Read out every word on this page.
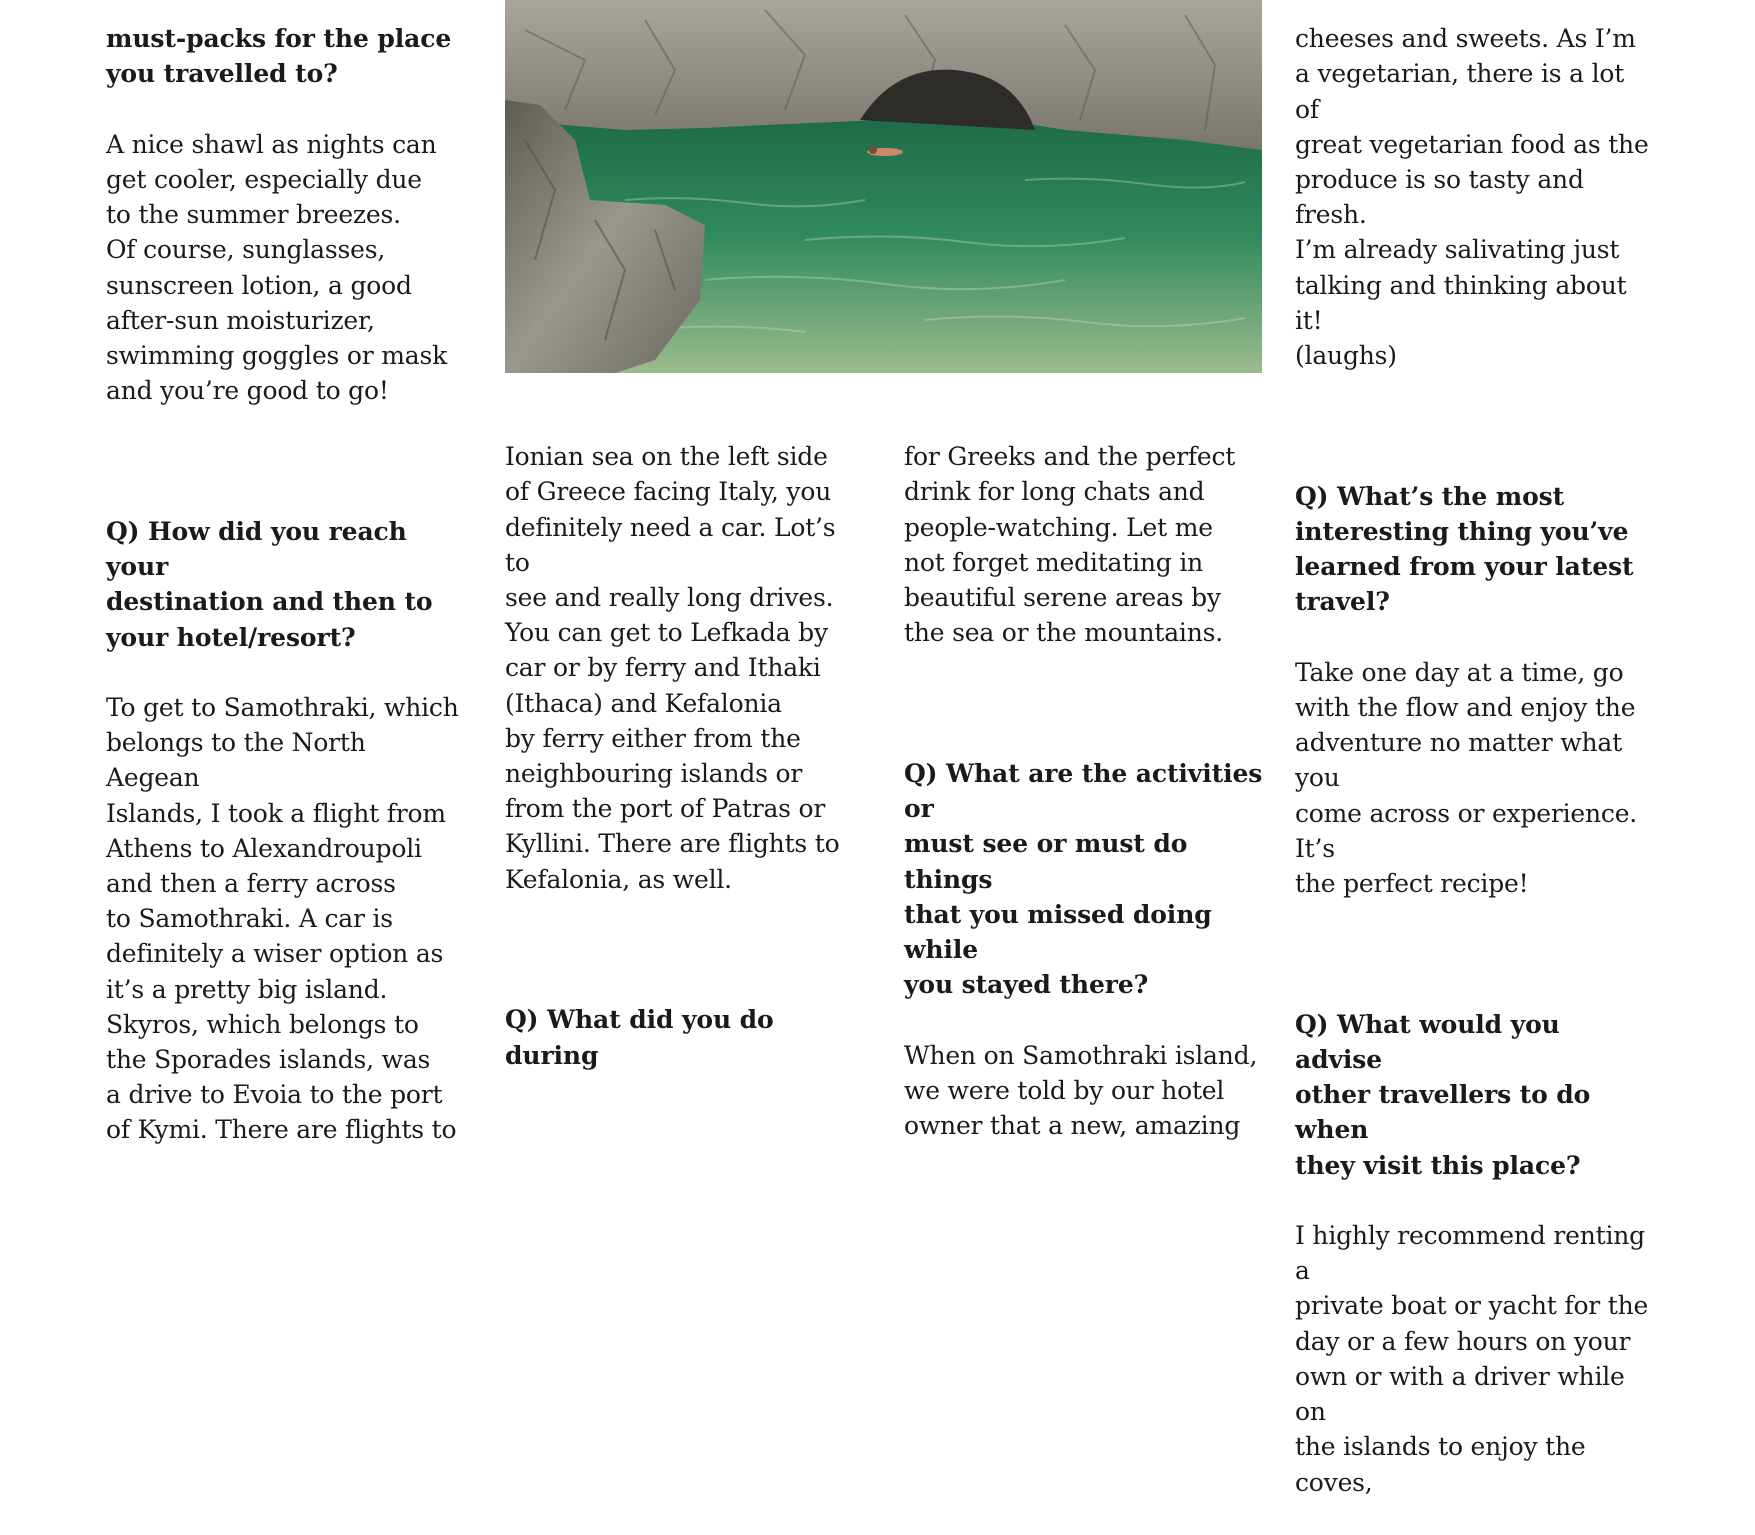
must-packs for the place
you travelled to?

A nice shawl as nights can
get cooler, especially due
to the summer breezes.
Of course, sunglasses,
sunscreen lotion, a good
after-sun moisturizer,
swimming goggles or mask
and you’re good to go!

Q) How did you reach your
destination and then to
your hotel/resort?

To get to Samothraki, which
belongs to the North Aegean
Islands, I took a flight from
Athens to Alexandroupoli
and then a ferry across
to Samothraki. A car is
definitely a wiser option as
it’s a pretty big island.
Skyros, which belongs to
the Sporades islands, was
a drive to Evoia to the port
of Kymi. There are flights to

Ionian sea on the left side
of Greece facing Italy, you
definitely need a car. Lot’s to
see and really long drives.
You can get to Lefkada by
car or by ferry and Ithaki
(Ithaca) and Kefalonia
by ferry either from the
neighbouring islands or
from the port of Patras or
Kyllini. There are flights to
Kefalonia, as well.

Q) What did you do during

for Greeks and the perfect
drink for long chats and
people-watching. Let me
not forget meditating in
beautiful serene areas by
the sea or the mountains.

Q) What are the activities or
must see or must do things
that you missed doing while
you stayed there?

When on Samothraki island,
we were told by our hotel
owner that a new, amazing

cheeses and sweets. As I’m
a vegetarian, there is a lot of
great vegetarian food as the
produce is so tasty and fresh.
I’m already salivating just
talking and thinking about it!
(laughs)

Q) What’s the most
interesting thing you’ve
learned from your latest
travel?

Take one day at a time, go
with the flow and enjoy the
adventure no matter what you
come across or experience. It’s
the perfect recipe!

Q) What would you advise
other travellers to do when
they visit this place?

I highly recommend renting a
private boat or yacht for the
day or a few hours on your
own or with a driver while on
the islands to enjoy the coves,
